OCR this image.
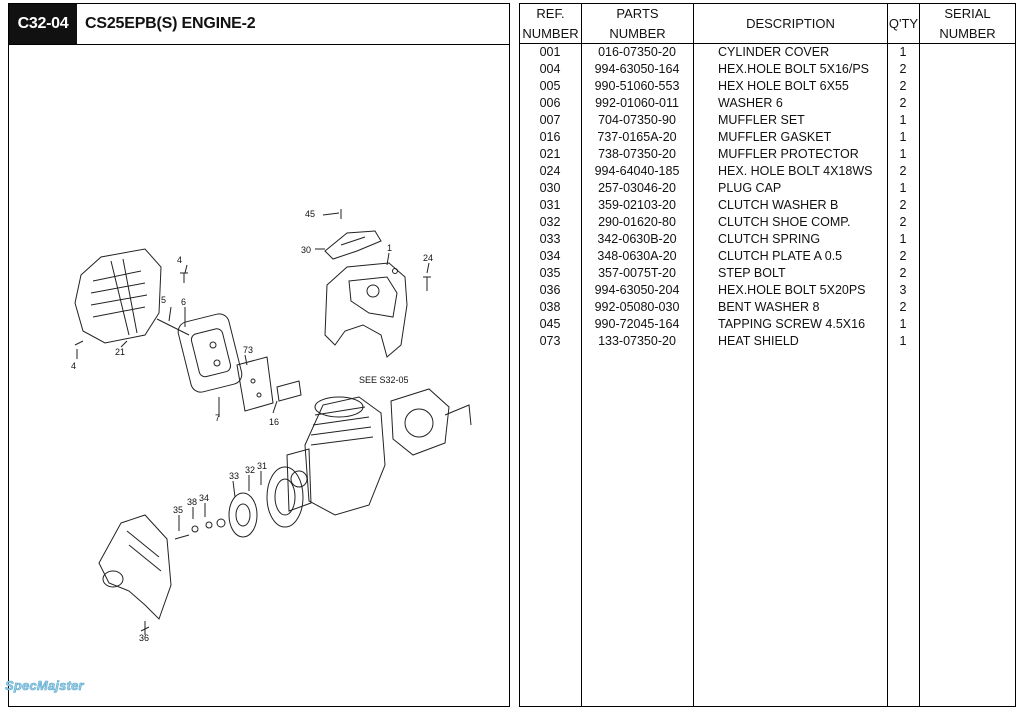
C32-04	CS25EPB(S) ENGINE-2
45
30	1
24
4
5 6
73
21
4
7	16
33
32 31
34
38
35
36
SEE S32-05
SpecMajster
REF.
NUMBER
PARTS
NUMBER
DESCRIPTION	Q'TY
SERIAL
NUMBER
001	016-07350-20	CYLINDER COVER	1
004	994-63050-164	HEX.HOLE BOLT 5X16/PS	2
005	990-51060-553	HEX HOLE BOLT 6X55	2
006	992-01060-011	WASHER 6	2
007	704-07350-90	MUFFLER SET	1
016	737-0165A-20	MUFFLER GASKET	1
021	738-07350-20	MUFFLER PROTECTOR	1
024	994-64040-185	HEX. HOLE BOLT 4X18WS	2
030	257-03046-20	PLUG CAP	1
031	359-02103-20	CLUTCH WASHER B	2
032	290-01620-80	CLUTCH SHOE COMP.	2
033	342-0630B-20	CLUTCH SPRING	1
034	348-0630A-20	CLUTCH PLATE A 0.5	2
035	357-0075T-20	STEP BOLT	2
036	994-63050-204	HEX.HOLE BOLT 5X20PS	3
038	992-05080-030	BENT WASHER 8	2
045	990-72045-164	TAPPING SCREW 4.5X16	1
073	133-07350-20	HEAT SHIELD	1
